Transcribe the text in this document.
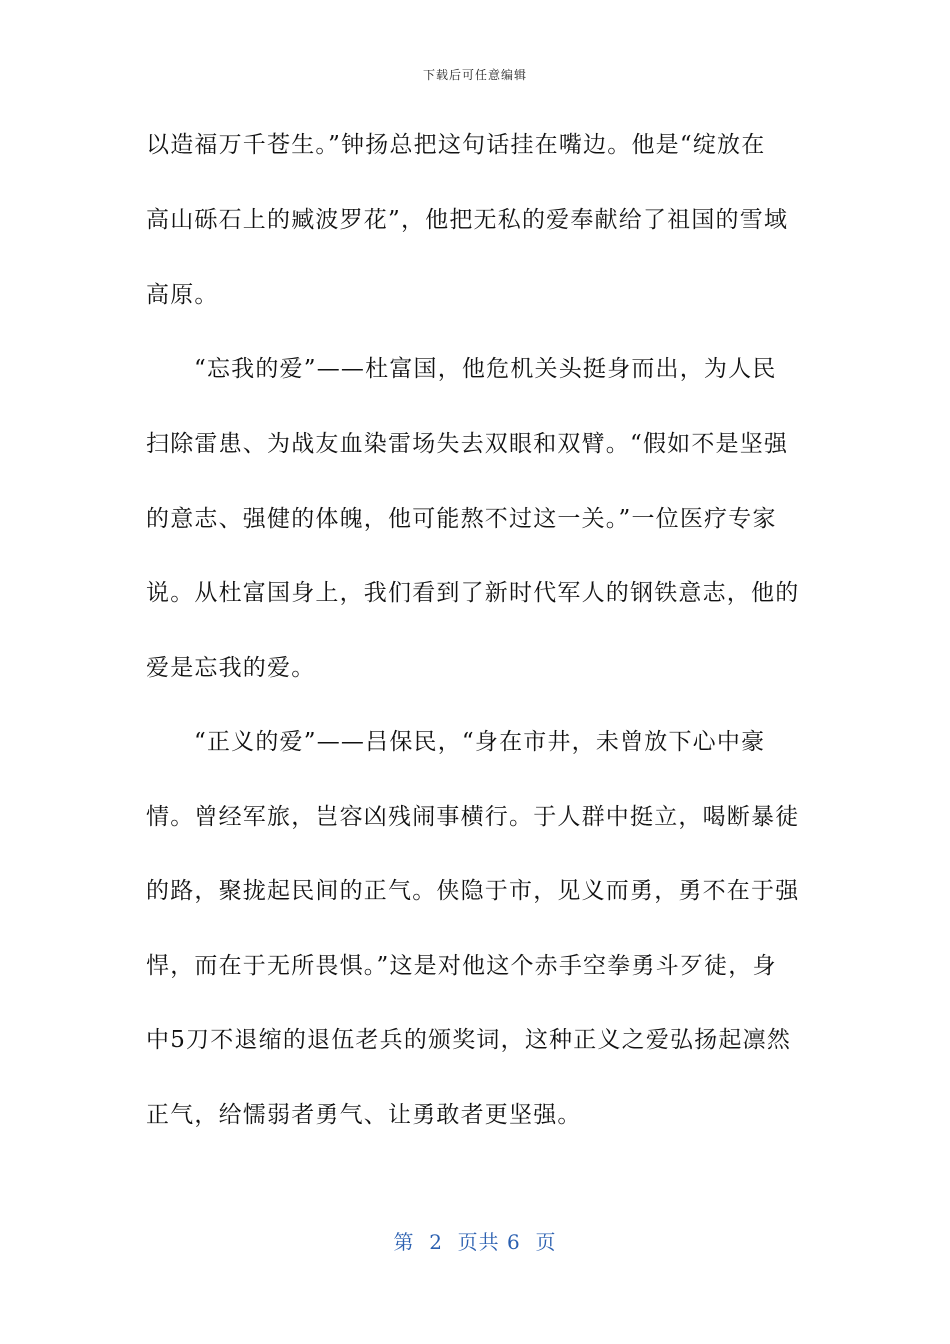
下载后可任意编辑
以造福万千苍生。”钟扬总把这句话挂在嘴边。他是“绽放在
高山砾石上的臧波罗花”，他把无私的爱奉献给了祖国的雪域
高原。
“忘我的爱”——杜富国，他危机关头挺身而出，为人民
扫除雷患、为战友血染雷场失去双眼和双臂。“假如不是坚强
的意志、强健的体魄，他可能熬不过这一关。”一位医疗专家
说。从杜富国身上，我们看到了新时代军人的钢铁意志，他的
爱是忘我的爱。
“正义的爱”——吕保民，“身在市井，未曾放下心中豪
情。曾经军旅，岂容凶残闹事横行。于人群中挺立，喝断暴徒
的路，聚拢起民间的正气。侠隐于市，见义而勇，勇不在于强
悍，而在于无所畏惧。”这是对他这个赤手空拳勇斗歹徒，身
中5刀不退缩的退伍老兵的颁奖词，这种正义之爱弘扬起凛然
正气，给懦弱者勇气、让勇敢者更坚强。
第  2  页共 6  页
